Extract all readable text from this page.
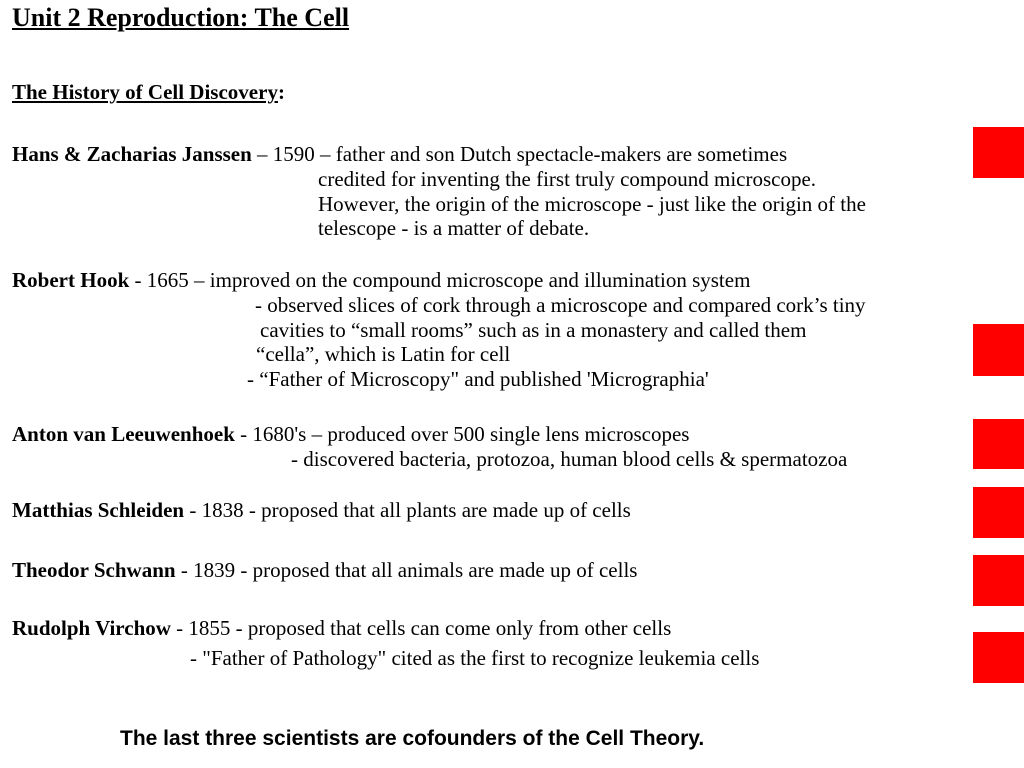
Unit 2 Reproduction: The Cell
The History of Cell Discovery:
Hans & Zacharias Janssen – 1590 – father and son Dutch spectacle-makers are sometimes
credited for inventing the first truly compound microscope.
However, the origin of the microscope - just like the origin of the
telescope - is a matter of debate.
Robert Hook - 1665 – improved on the compound microscope and illumination system
- observed slices of cork through a microscope and compared cork’s tiny
cavities to “small rooms” such as in a monastery and called them
“cella”, which is Latin for cell
- “Father of Microscopy" and published 'Micrographia'
Anton van Leeuwenhoek - 1680's – produced over 500 single lens microscopes
- discovered bacteria, protozoa, human blood cells & spermatozoa
Matthias Schleiden - 1838 - proposed that all plants are made up of cells
Theodor Schwann - 1839 - proposed that all animals are made up of cells
Rudolph Virchow - 1855 - proposed that cells can come only from other cells
- "Father of Pathology" cited as the first to recognize leukemia cells
The last three scientists are cofounders of the Cell Theory.
